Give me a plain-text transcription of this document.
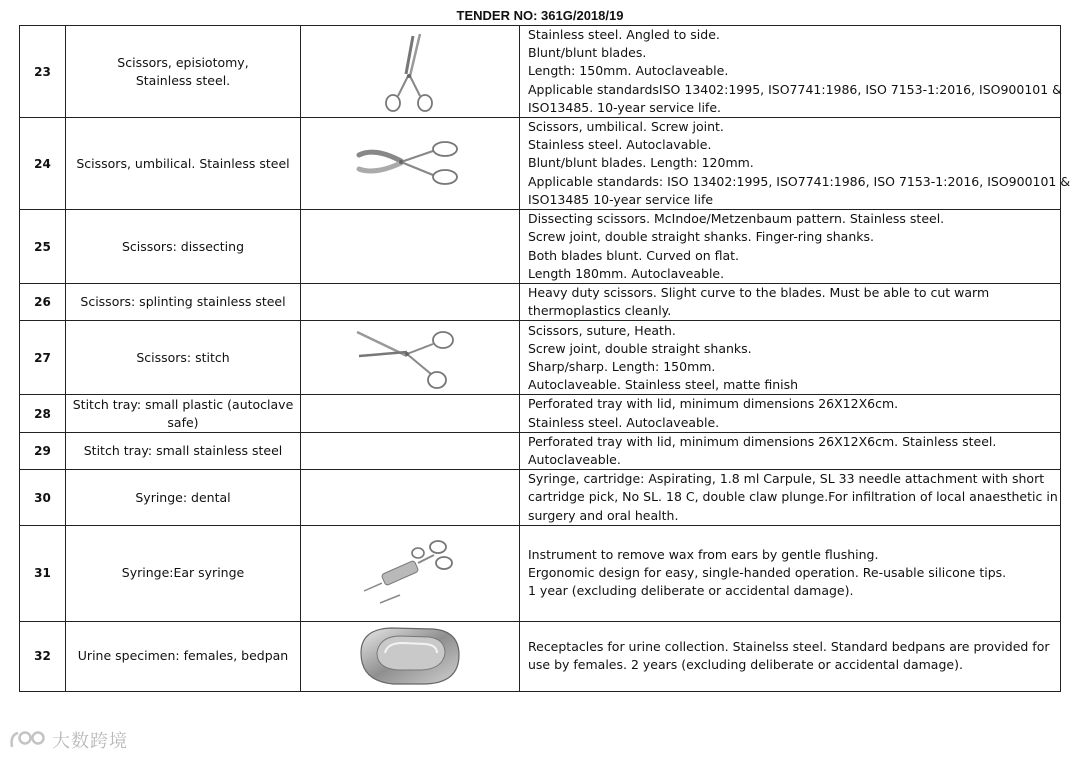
TENDER NO: 361G/2018/19
23	Scissors, episiotomy,
Stainless steel.		Stainless steel. Angled to side.
Blunt/blunt blades.
Length: 150mm. Autoclaveable.
Applicable standardsISO 13402:1995, ISO7741:1986, ISO 7153-1:2016, ISO900101 &
ISO13485. 10-year service life.

24	Scissors, umbilical. Stainless steel		Scissors, umbilical. Screw joint.
Stainless steel. Autoclavable.
Blunt/blunt blades. Length: 120mm.
Applicable standards: ISO 13402:1995, ISO7741:1986, ISO 7153-1:2016, ISO900101 &
ISO13485 10-year service life

25	Scissors: dissecting		Dissecting scissors. McIndoe/Metzenbaum pattern. Stainless steel.
Screw joint, double straight shanks. Finger-ring shanks.
Both blades blunt. Curved on flat.
Length 180mm. Autoclaveable.

26	Scissors: splinting stainless steel		Heavy duty scissors. Slight curve to the blades. Must be able to cut warm
thermoplastics cleanly.

27	Scissors: stitch		Scissors, suture, Heath.
Screw joint, double straight shanks.
Sharp/sharp. Length: 150mm.
Autoclaveable. Stainless steel, matte finish

28	Stitch tray: small plastic (autoclave
safe)		Perforated tray with lid, minimum dimensions 26X12X6cm.
Stainless steel. Autoclaveable.

29	Stitch tray: small stainless steel		Perforated tray with lid, minimum dimensions 26X12X6cm. Stainless steel.
Autoclaveable.

30	Syringe: dental		Syringe, cartridge: Aspirating, 1.8 ml Carpule, SL 33 needle attachment with short
cartridge pick, No SL. 18 C, double claw plunge.For infiltration of local anaesthetic in
surgery and oral health.

31	Syringe:Ear syringe		Instrument to remove wax from ears by gentle flushing.
Ergonomic design for easy, single-handed operation. Re-usable silicone tips.
1 year (excluding deliberate or accidental damage).

32	Urine specimen: females, bedpan		Receptacles for urine collection. Stainelss steel. Standard bedpans are provided for
use by females. 2 years (excluding deliberate or accidental damage).
大数跨境
